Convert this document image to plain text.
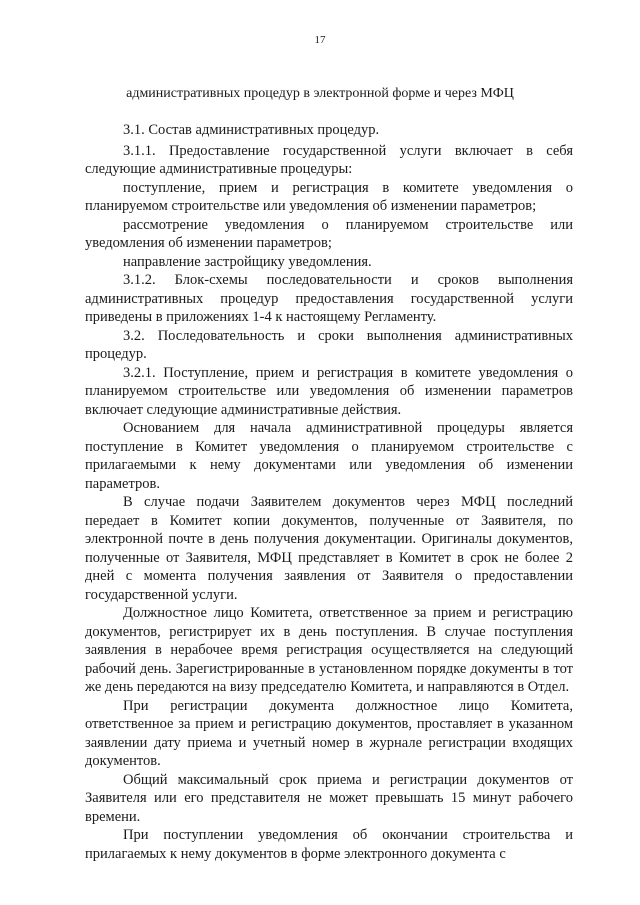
17
административных процедур в электронной форме и через МФЦ

3.1. Состав административных процедур.

3.1.1. Предоставление государственной услуги включает в себя следующие административные процедуры:

поступление, прием и регистрация в комитете уведомления о планируемом строительстве или уведомления об изменении параметров;

рассмотрение уведомления о планируемом строительстве или уведомления об изменении параметров;

направление застройщику уведомления.

3.1.2. Блок-схемы последовательности и сроков выполнения административных процедур предоставления государственной услуги приведены в приложениях 1-4 к настоящему Регламенту.

3.2. Последовательность и сроки выполнения административных процедур.

3.2.1. Поступление, прием и регистрация в комитете уведомления о планируемом строительстве или уведомления об изменении параметров включает следующие административные действия.

Основанием для начала административной процедуры является поступление в Комитет уведомления о планируемом строительстве с прилагаемыми к нему документами или уведомления об изменении параметров.

В случае подачи Заявителем документов через МФЦ последний передает в Комитет копии документов, полученные от Заявителя, по электронной почте в день получения документации. Оригиналы документов, полученные от Заявителя, МФЦ представляет в Комитет в срок не более 2 дней с момента получения заявления от Заявителя о предоставлении государственной услуги.

Должностное лицо Комитета, ответственное за прием и регистрацию документов, регистрирует их в день поступления. В случае поступления заявления в нерабочее время регистрация осуществляется на следующий рабочий день. Зарегистрированные в установленном порядке документы в тот же день передаются на визу председателю Комитета, и направляются в Отдел.

При регистрации документа должностное лицо Комитета, ответственное за прием и регистрацию документов, проставляет в указанном заявлении дату приема и учетный номер в журнале регистрации входящих документов.

Общий максимальный срок приема и регистрации документов от Заявителя или его представителя не может превышать 15 минут рабочего времени.

При поступлении уведомления об окончании строительства и прилагаемых к нему документов в форме электронного документа с
